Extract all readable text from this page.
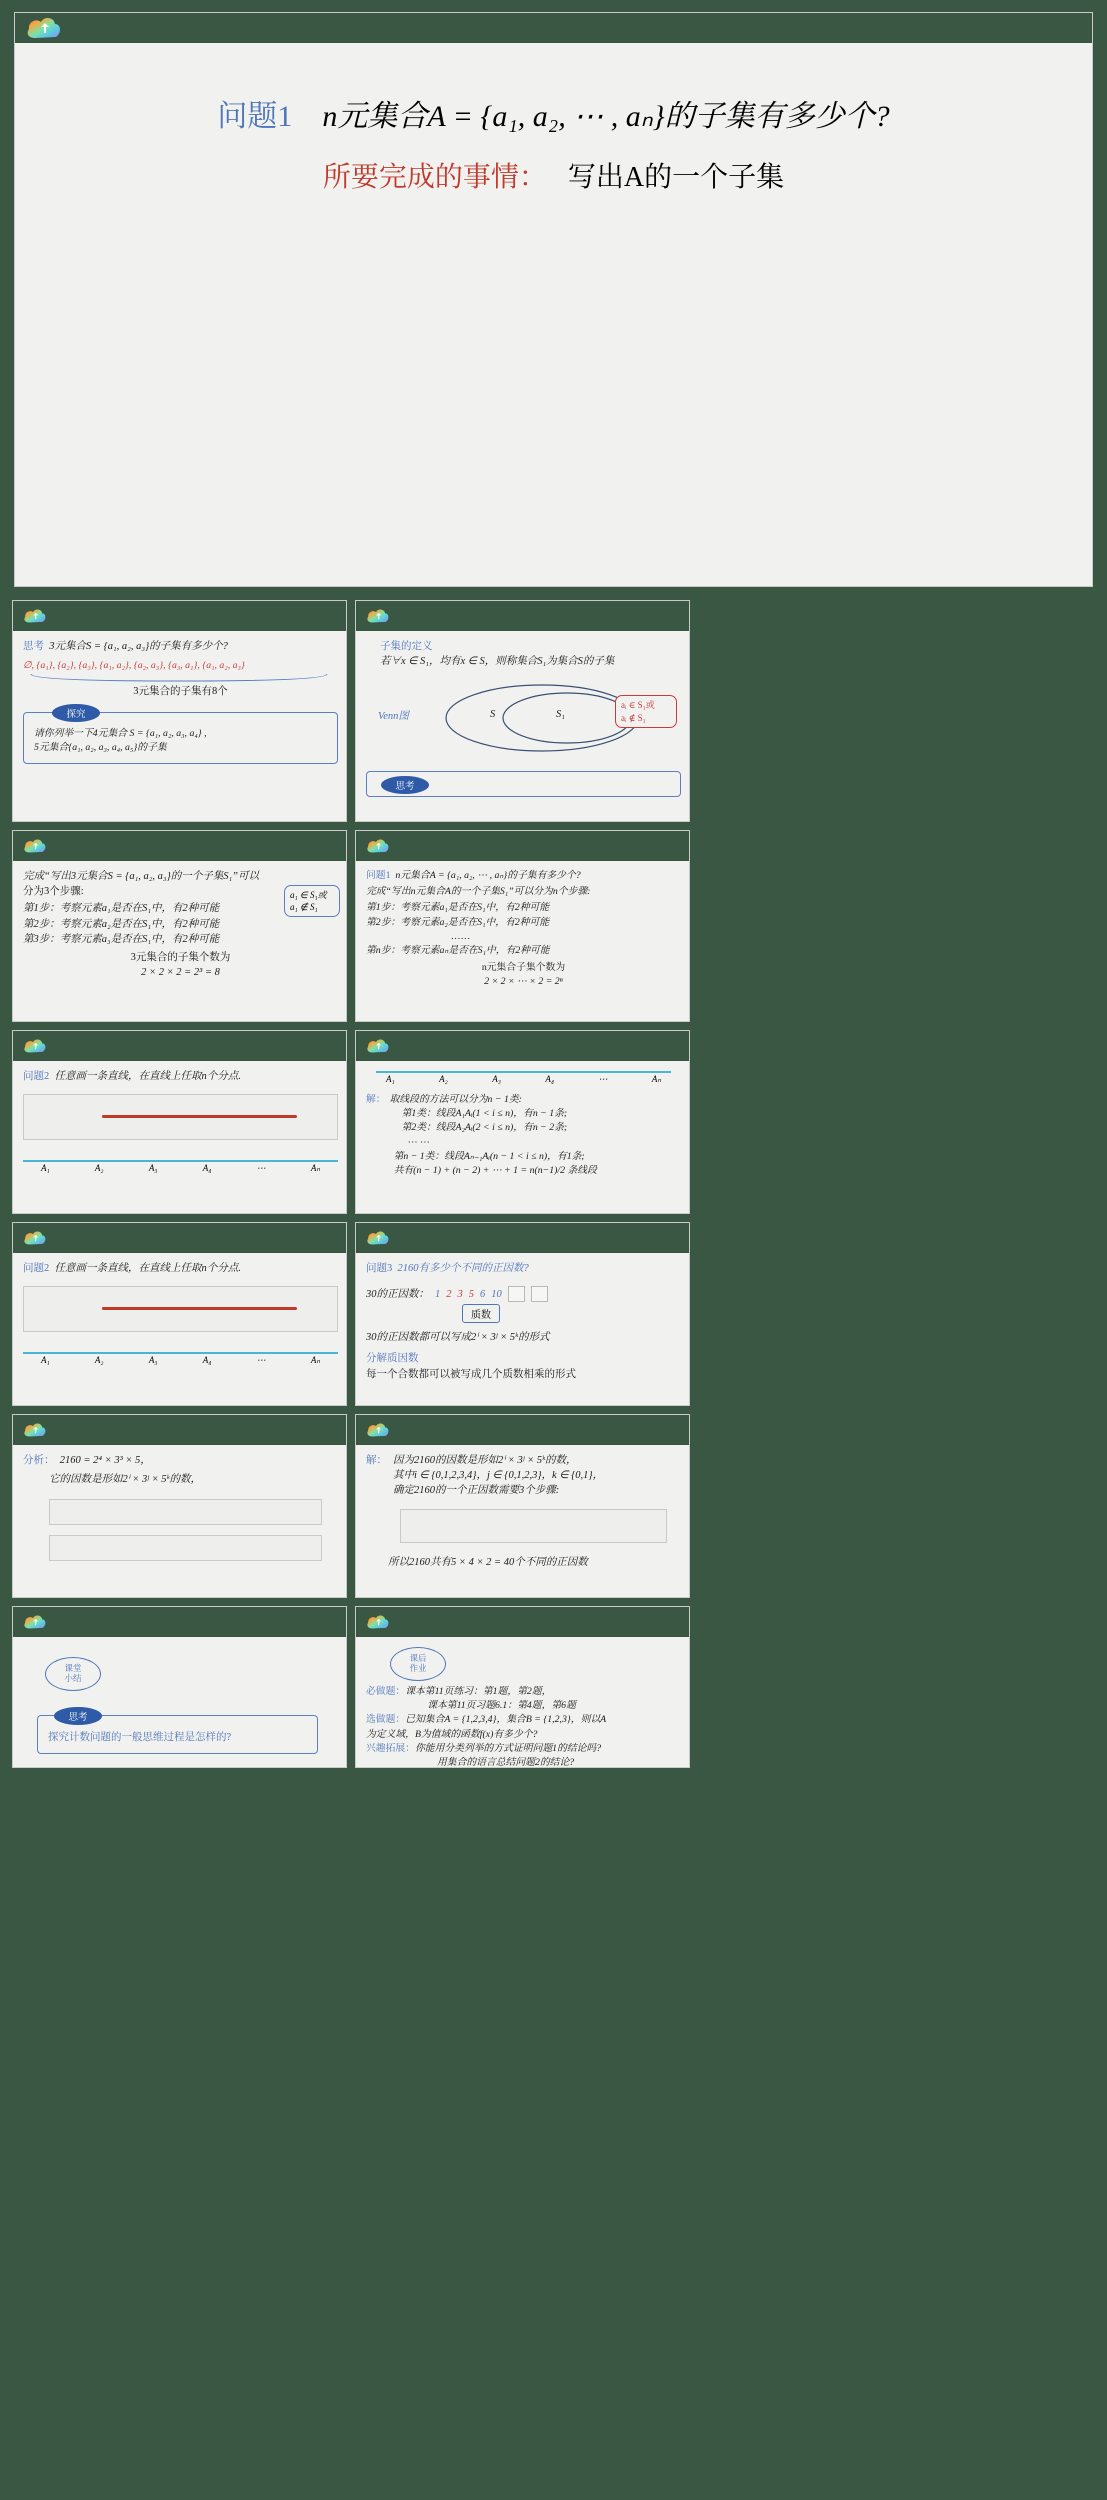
问题1 n元集合A = {a₁, a₂, ⋯ , aₙ}的子集有多少个?
所要完成的事情： 写出A的一个子集
思考 3元集合S = {a₁, a₂, a₃}的子集有多少个?
∅, {a₁}, {a₂}, {a₃}, {a₁, a₂}, {a₂, a₃}, {a₃, a₁}, {a₁, a₂, a₃}
3元集合的子集有8个
探究
请你列举一下4元集合 S = {a₁, a₂, a₃, a₄} ,
5元集合{a₁, a₂, a₃, a₄, a₅}的子集
子集的定义
若∀x ∈ S₁，均有x ∈ S，则称集合S₁为集合S的子集
Venn图	S	S₁
aᵢ ∈ S₁或
aᵢ ∉ S₁
思考
完成“写出3元集合S = {a₁, a₂, a₃}的一个子集S₁”可以
分为3个步骤:
第1步：考察元素a₁是否在S₁中，有2种可能
第2步：考察元素a₂是否在S₁中，有2种可能
第3步：考察元素a₃是否在S₁中，有2种可能
3元集合的子集个数为
2 × 2 × 2 = 2³ = 8
a₁ ∈ S₁或
a₁ ∉ S₁
问题1 n元集合A = {a₁, a₂, ⋯ , aₙ}的子集有多少个?
完成“写出n元集合A的一个子集S₁”可以分为n个步骤:
第1步：考察元素a₁是否在S₁中，有2种可能
第2步：考察元素a₂是否在S₁中，有2种可能
……
第n步：考察元素aₙ是否在S₁中，有2种可能
n元集合子集个数为
2 × 2 × ⋯ × 2 = 2ⁿ
问题2 任意画一条直线，在直线上任取n个分点.
A₁	A₂	A₃	A₄	⋯	Aₙ
A₁	A₂	A₃	A₄	⋯	Aₙ
解： 取线段的方法可以分为n − 1类:
第1类：线段A₁Aᵢ(1 < i ≤ n)，有n − 1条;
第2类：线段A₂Aᵢ(2 < i ≤ n)，有n − 2条;
⋯ ⋯
第n − 1类：线段Aₙ₋₁Aᵢ(n − 1 < i ≤ n)，有1条;
共有(n − 1) + (n − 2) + ⋯ + 1 = n(n−1)/2 条线段
问题2 任意画一条直线，在直线上任取n个分点.
A₁	A₂	A₃	A₄	⋯	Aₙ
问题3 2160有多少个不同的正因数?
30的正因数： 1 2 3 5 6 10
质数
30的正因数都可以写成2ⁱ × 3ʲ × 5ᵏ的形式
分解质因数
每一个合数都可以被写成几个质数相乘的形式
分析： 2160 = 2⁴ × 3³ × 5，
它的因数是形如2ⁱ × 3ʲ × 5ᵏ的数，
解： 因为2160的因数是形如2ⁱ × 3ʲ × 5ᵏ的数，
其中i ∈ {0,1,2,3,4}，j ∈ {0,1,2,3}，k ∈ {0,1}，
确定2160的一个正因数需要3个步骤:
所以2160共有5 × 4 × 2 = 40个不同的正因数
课堂
小结
思考
探究计数问题的一般思维过程是怎样的?
课后
作业
必做题： 课本第11页练习：第1题，第2题，
课本第11页习题6.1：第4题，第6题
选做题： 已知集合A = {1,2,3,4}，集合B = {1,2,3}，则以A
为定义域，B为值域的函数f(x)有多少个?
兴趣拓展： 你能用分类列举的方式证明问题1的结论吗?
用集合的语言总结问题2的结论?
